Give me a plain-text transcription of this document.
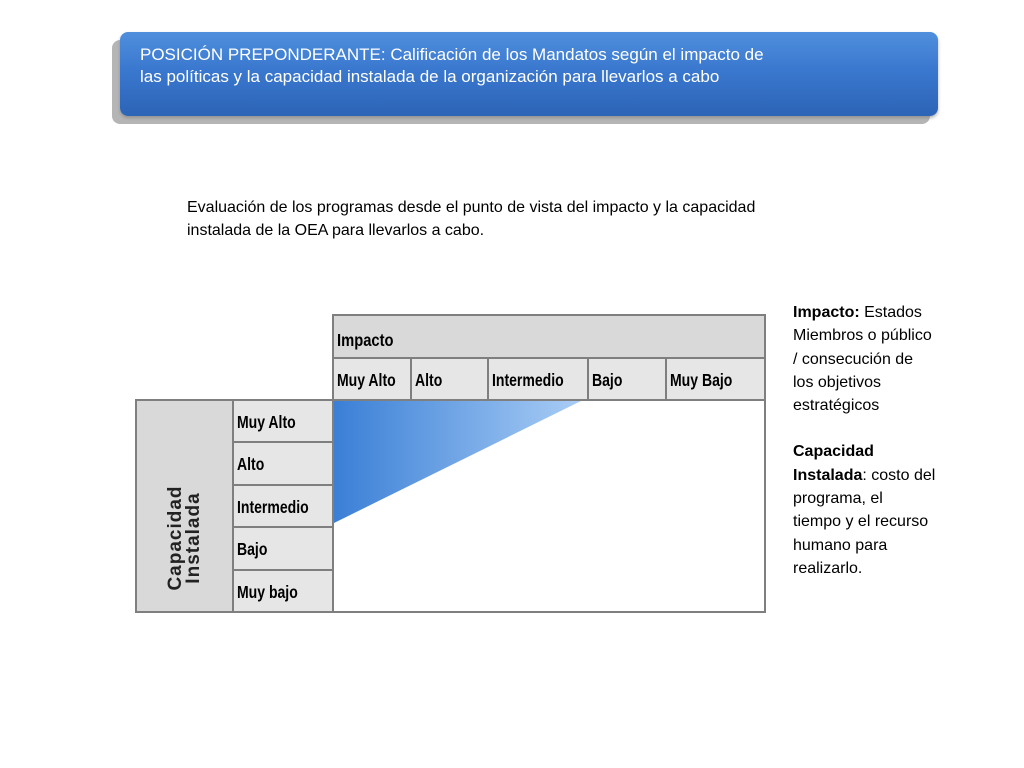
POSICIÓN PREPONDERANTE: Calificación de los Mandatos según el impacto de

las políticas y la capacidad instalada de la organización para llevarlos a cabo

Evaluación de los programas desde el punto de vista del impacto y la capacidad
instalada de la OEA para llevarlos a cabo.
Impacto
Muy Alto Alto	Intermedio Bajo	Muy Bajo
Muy Alto
Alto
Intermedio
Bajo
Muy bajo
Capacidad
Instalada
Impacto: Estados
Miembros o público
/ consecución de
los objetivos
estratégicos
Capacidad
Instalada: costo del
programa, el
tiempo y el recurso
humano para
realizarlo.
